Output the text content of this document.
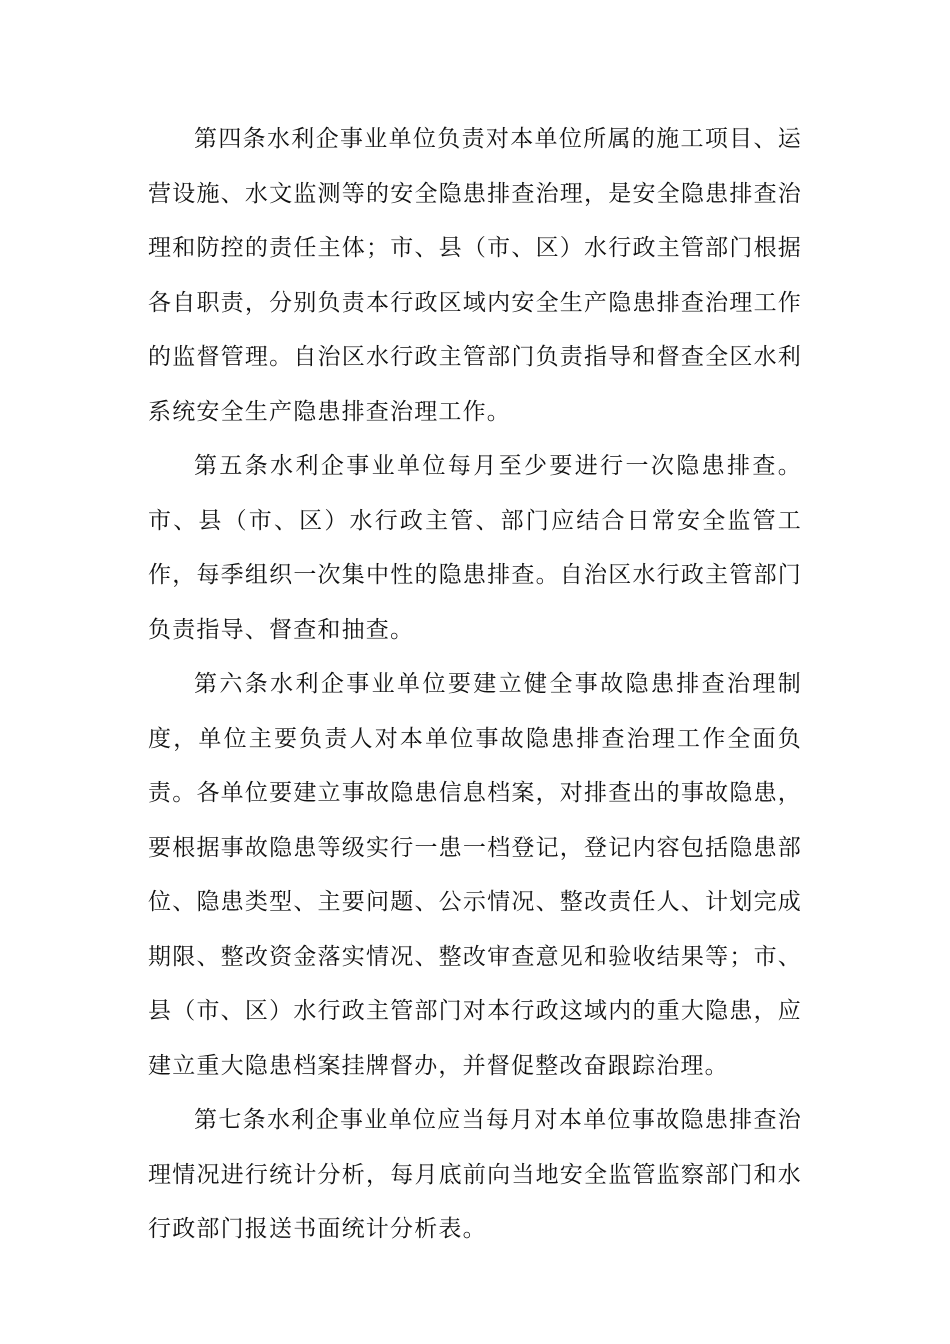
第四条水利企事业单位负责对本单位所属的施工项目、运营设施、水文监测等的安全隐患排查治理，是安全隐患排查治理和防控的责任主体；市、县（市、区）水行政主管部门根据各自职责，分别负责本行政区域内安全生产隐患排查治理工作的监督管理。自治区水行政主管部门负责指导和督查全区水利系统安全生产隐患排查治理工作。

第五条水利企事业单位每月至少要进行一次隐患排查。市、县（市、区）水行政主管、部门应结合日常安全监管工作，每季组织一次集中性的隐患排查。自治区水行政主管部门负责指导、督查和抽查。

第六条水利企事业单位要建立健全事故隐患排查治理制度，单位主要负责人对本单位事故隐患排查治理工作全面负责。各单位要建立事故隐患信息档案，对排查出的事故隐患，要根据事故隐患等级实行一患一档登记，登记内容包括隐患部位、隐患类型、主要问题、公示情况、整改责任人、计划完成期限、整改资金落实情况、整改审查意见和验收结果等；市、县（市、区）水行政主管部门对本行政这域内的重大隐患，应建立重大隐患档案挂牌督办，并督促整改奋跟踪治理。

第七条水利企事业单位应当每月对本单位事故隐患排查治理情况进行统计分析，每月底前向当地安全监管监察部门和水行政部门报送书面统计分析表。
